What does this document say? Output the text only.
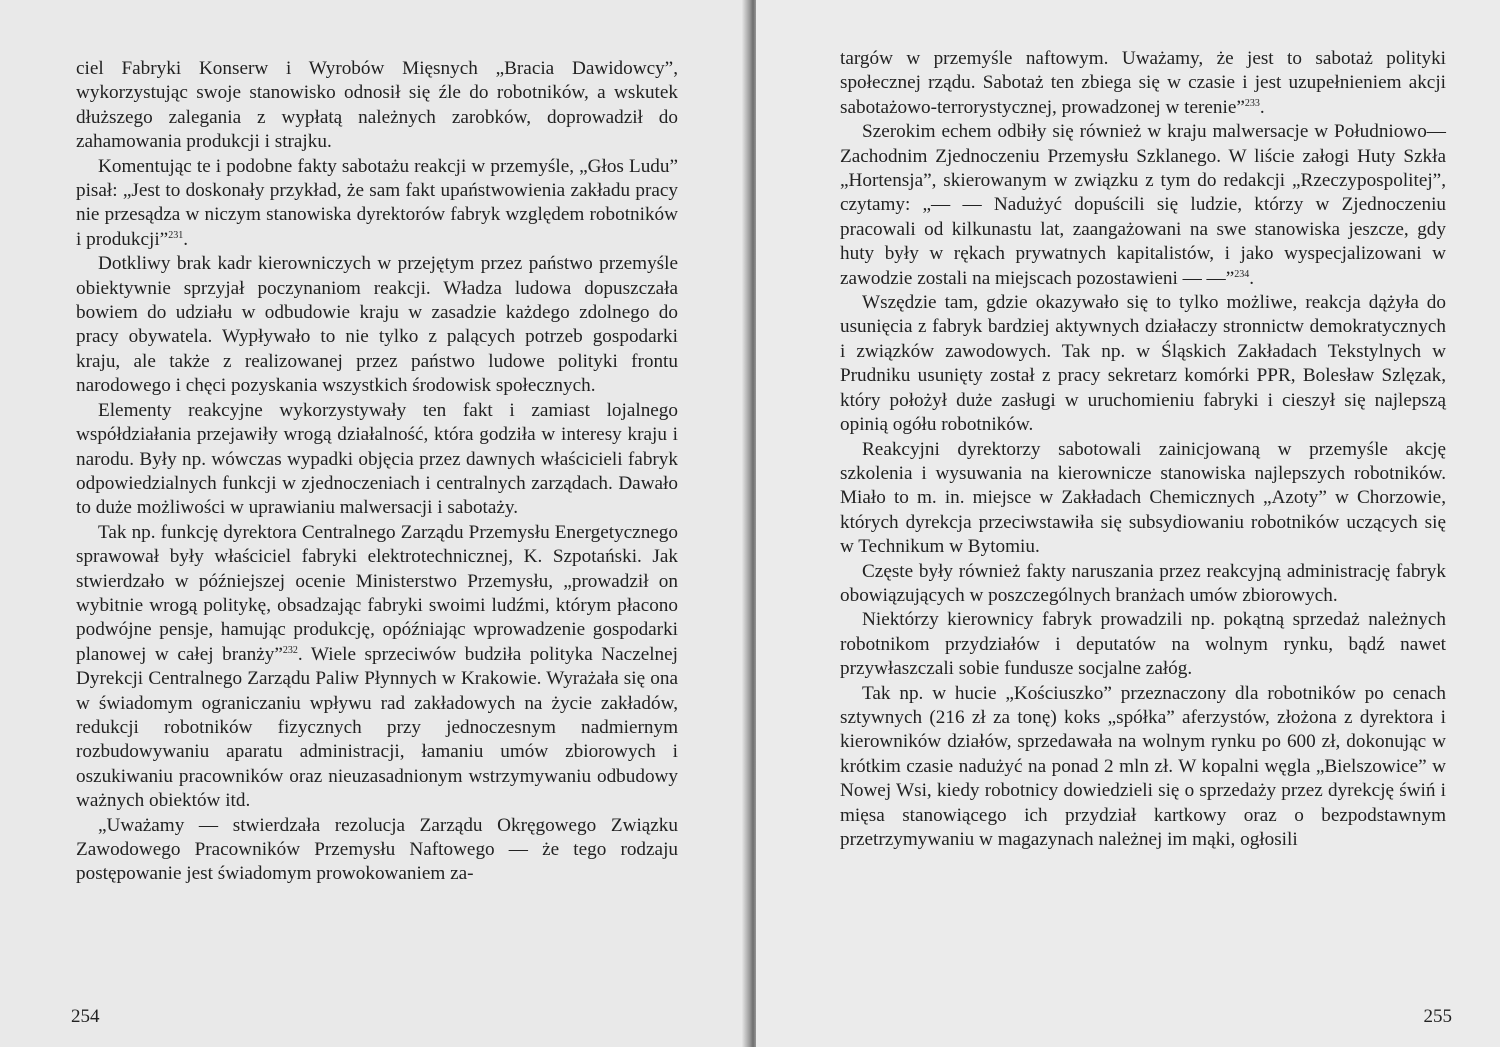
ciel Fabryki Konserw i Wyrobów Mięsnych „Bracia Dawidowcy”, wykorzystując swoje stanowisko odnosił się źle do robotników, a wskutek dłuższego zalegania z wypłatą należnych zarobków, doprowadził do zahamowania produkcji i strajku.

Komentując te i podobne fakty sabotażu reakcji w przemyśle, „Głos Ludu” pisał: „Jest to doskonały przykład, że sam fakt upaństwowienia zakładu pracy nie przesądza w niczym stanowiska dyrektorów fabryk względem robotników i produkcji”$^{231}$.

Dotkliwy brak kadr kierowniczych w przejętym przez państwo przemyśle obiektywnie sprzyjał poczynaniom reakcji. Władza ludowa dopuszczała bowiem do udziału w odbudowie kraju w zasadzie każdego zdolnego do pracy obywatela. Wypływało to nie tylko z palących potrzeb gospodarki kraju, ale także z realizowanej przez państwo ludowe polityki frontu narodowego i chęci pozyskania wszystkich środowisk społecznych.

Elementy reakcyjne wykorzystywały ten fakt i zamiast lojalnego współdziałania przejawiły wrogą działalność, która godziła w interesy kraju i narodu. Były np. wówczas wypadki objęcia przez dawnych właścicieli fabryk odpowiedzialnych funkcji w zjednoczeniach i centralnych zarządach. Dawało to duże możliwości w uprawianiu malwersacji i sabotaży.

Tak np. funkcję dyrektora Centralnego Zarządu Przemysłu Energetycznego sprawował były właściciel fabryki elektrotechnicznej, K. Szpotański. Jak stwierdzało w późniejszej ocenie Ministerstwo Przemysłu, „prowadził on wybitnie wrogą politykę, obsadzając fabryki swoimi ludźmi, którym płacono podwójne pensje, hamując produkcję, opóźniając wprowadzenie gospodarki planowej w całej branży”$^{232}$. Wiele sprzeciwów budziła polityka Naczelnej Dyrekcji Centralnego Zarządu Paliw Płynnych w Krakowie. Wyrażała się ona w świadomym ograniczaniu wpływu rad zakładowych na życie zakładów, redukcji robotników fizycznych przy jednoczesnym nadmiernym rozbudowywaniu aparatu administracji, łamaniu umów zbiorowych i oszukiwaniu pracowników oraz nieuzasadnionym wstrzymywaniu odbudowy ważnych obiektów itd.

„Uważamy — stwierdzała rezolucja Zarządu Okręgowego Związku Zawodowego Pracowników Przemysłu Naftowego — że tego rodzaju postępowanie jest świadomym prowokowaniem za-

254

targów w przemyśle naftowym. Uważamy, że jest to sabotaż polityki społecznej rządu. Sabotaż ten zbiega się w czasie i jest uzupełnieniem akcji sabotażowo-terrorystycznej, prowadzonej w terenie”$^{233}$.

Szerokim echem odbiły się również w kraju malwersacje w Południowo—Zachodnim Zjednoczeniu Przemysłu Szklanego. W liście załogi Huty Szkła „Hortensja”, skierowanym w związku z tym do redakcji „Rzeczypospolitej”, czytamy: „— — Nadużyć dopuścili się ludzie, którzy w Zjednoczeniu pracowali od kilkunastu lat, zaangażowani na swe stanowiska jeszcze, gdy huty były w rękach prywatnych kapitalistów, i jako wyspecjalizowani w zawodzie zostali na miejscach pozostawieni — —”$^{234}$.

Wszędzie tam, gdzie okazywało się to tylko możliwe, reakcja dążyła do usunięcia z fabryk bardziej aktywnych działaczy stronnictw demokratycznych i związków zawodowych. Tak np. w Śląskich Zakładach Tekstylnych w Prudniku usunięty został z pracy sekretarz komórki PPR, Bolesław Szlęzak, który położył duże zasługi w uruchomieniu fabryki i cieszył się najlepszą opinią ogółu robotników.

Reakcyjni dyrektorzy sabotowali zainicjowaną w przemyśle akcję szkolenia i wysuwania na kierownicze stanowiska najlepszych robotników. Miało to m. in. miejsce w Zakładach Chemicznych „Azoty” w Chorzowie, których dyrekcja przeciwstawiła się subsydiowaniu robotników uczących się w Technikum w Bytomiu.

Częste były również fakty naruszania przez reakcyjną administrację fabryk obowiązujących w poszczególnych branżach umów zbiorowych.

Niektórzy kierownicy fabryk prowadzili np. pokątną sprzedaż należnych robotnikom przydziałów i deputatów na wolnym rynku, bądź nawet przywłaszczali sobie fundusze socjalne załóg.

Tak np. w hucie „Kościuszko” przeznaczony dla robotników po cenach sztywnych (216 zł za tonę) koks „spółka” aferzystów, złożona z dyrektora i kierowników działów, sprzedawała na wolnym rynku po 600 zł, dokonując w krótkim czasie nadużyć na ponad 2 mln zł. W kopalni węgla „Bielszowice” w Nowej Wsi, kiedy robotnicy dowiedzieli się o sprzedaży przez dyrekcję świń i mięsa stanowiącego ich przydział kartkowy oraz o bezpodstawnym przetrzymywaniu w magazynach należnej im mąki, ogłosili

255
